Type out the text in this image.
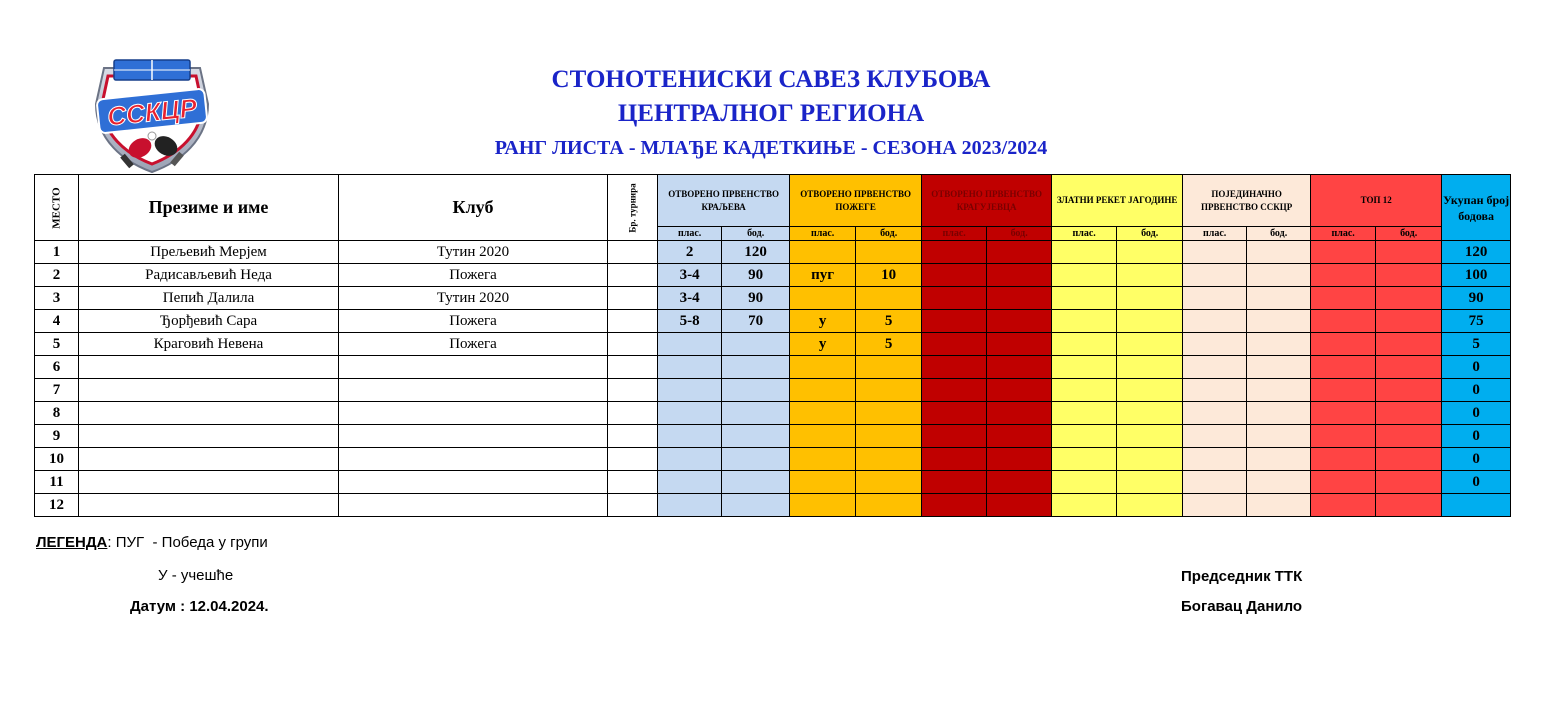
ССКЦР
СТОНОТЕНИСКИ САВЕЗ КЛУБОВА
ЦЕНТРАЛНОГ РЕГИОНА
РАНГ ЛИСТА - МЛАЂЕ КАДЕТКИЊЕ - СЕЗОНА 2023/2024
МЕСТО	Презиме и име	Клуб	Бр. турнира	ОТВОРЕНО ПРВЕНСТВО КРАЉЕВА		ОТВОРЕНО ПРВЕНСТВО ПОЖЕГЕ		ОТВОРЕНО ПРВЕНСТВО КРАГУЈЕВЦА		ЗЛАТНИ РЕКЕТ ЈАГОДИНЕ		ПОЈЕДИНАЧНО ПРВЕНСТВО ССКЦР		ТОП 12		Укупан број бодова
				плас.	бод.	плас.	бод.	плас.	бод.	плас.	бод.	плас.	бод.	плас.	бод.	
1	Прељевић Мерјем	Тутин 2020		2	120											120
2	Радисављевић Неда	Пожега		3-4	90	пуг	10									100
3	Пепић Далила	Тутин 2020		3-4	90											90
4	Ђорђевић Сара	Пожега		5-8	70	у	5									75
5	Краговић Невена	Пожега				у	5									5
6																0
7																0
8																0
9																0
10																0
11																0
12																
ЛЕГЕНДА: ПУГ  - Победа у групи
У - учешће
Датум : 12.04.2024.
Председник ТТК
Богавац Данило
